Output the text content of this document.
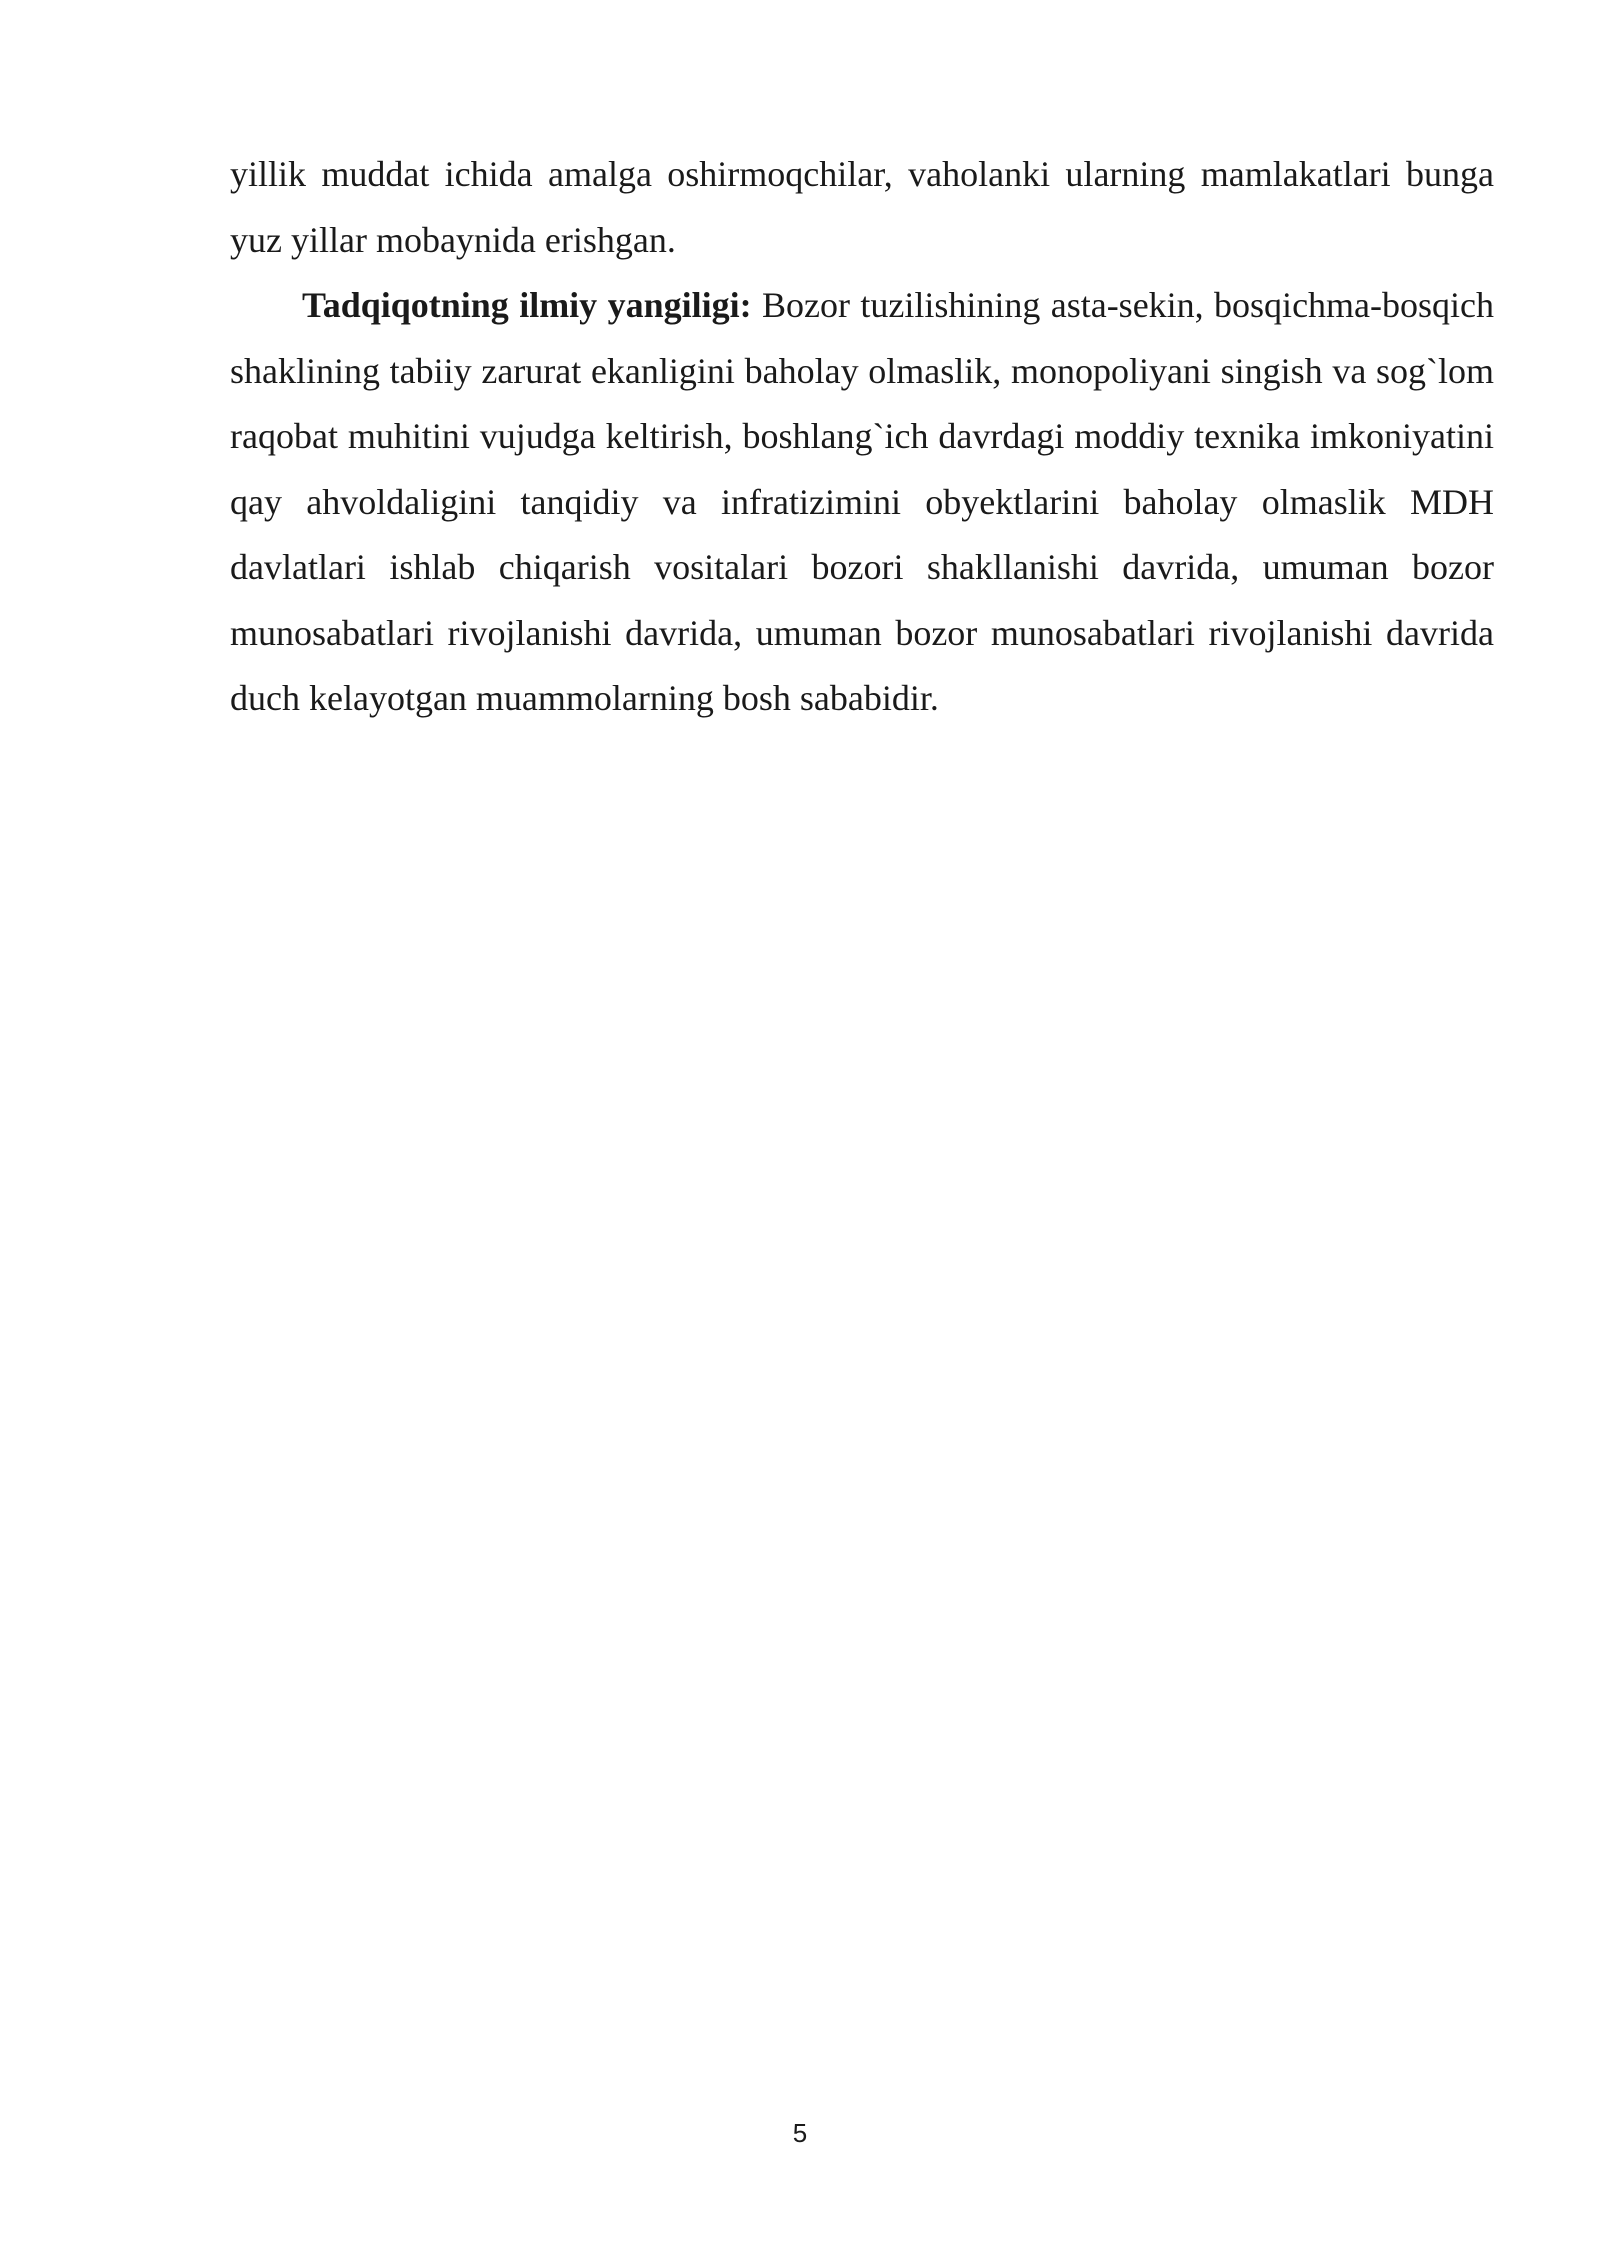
yillik muddat ichida amalga oshirmoqchilar, vaholanki ularning mamlakatlari bunga yuz yillar mobaynida erishgan.

Tadqiqotning ilmiy yangiligi: Bozor tuzilishining asta-sekin, bosqichma-bosqich shaklining tabiiy zarurat ekanligini baholay olmaslik, monopoliyani singish va sog`lom raqobat muhitini vujudga keltirish, boshlang`ich davrdagi moddiy texnika imkoniyatini qay ahvoldaligini tanqidiy va infratizimini obyektlarini baholay olmaslik MDH davlatlari ishlab chiqarish vositalari bozori shakllanishi davrida, umuman bozor munosabatlari rivojlanishi davrida, umuman bozor munosabatlari rivojlanishi davrida duch kelayotgan muammolarning bosh sababidir.

5
